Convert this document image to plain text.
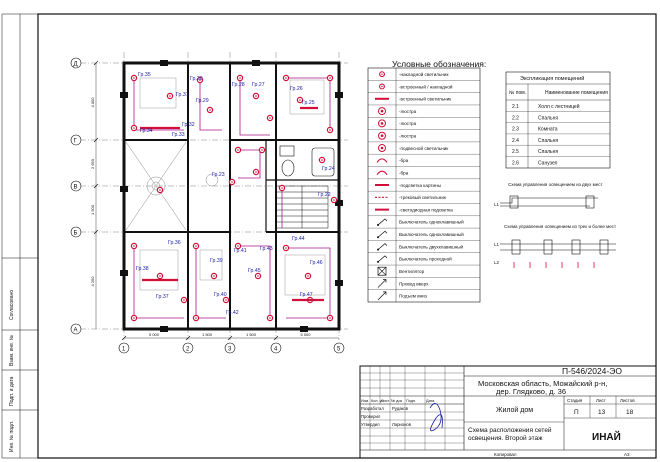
Согласовано
Взам. инв. №
Подп. и дата
Инв. № подл.
1	2	3	4	5
Д
Г
В
Б
А
5 000	1 500	1 500	5 000
4 000
2 650
1 500
4 250
Гр.35
Гр.31
Гр.30
Гр.29
Гр.28 Гр.27
Гр.26
Гр.25
Гр.34
Гр.33
Гр.32
Гр.23
Гр.24
Гр.22
Гр.36
Гр.37
Гр.38
Гр.39
Гр.40
Гр.41
Гр.42
Гр.43
Гр.44
Гр.45
Гр.46
Гр.47
Условные обозначения:
-накладной светильник
-встроенный / накладной
-встроенный светильник
-люстра
-люстра
-люстра
-подвесной светильник
-бра
-бра
-подсветка картины
-трековый светильник
-светодиодная подсветка
Выключатель одноклавишный
Выключатель одноклавишный
Выключатель двухклавишный
Выключатель проходной
Вентилятор
Провод вверх
Подъем вниз
Экспликация помещений
№ пом.	Наименование помещения
2.1	Холл с лестницей
2.2	Спальня
2.3	Комната
2.4	Спальня
2.5	Спальня
2.6	Санузел
Схема управления освещением из двух мест
L1
Схема управления освещением из трех и более мест
L1
L2
П-546/2024-ЭО
Московская область, Можайский р-н,
дер. Глядково, д. 36
Жилой дом
Схема расположения сетей освещения. Второй этаж
Изм. Кол. уч
Лист № док Подп.	Дата
Разработал Рудаков
Проверил
Утвердил	Ларионов
Стадия	Лист	Листов
П	13	18
ИНАЙ
Копировал	А3
